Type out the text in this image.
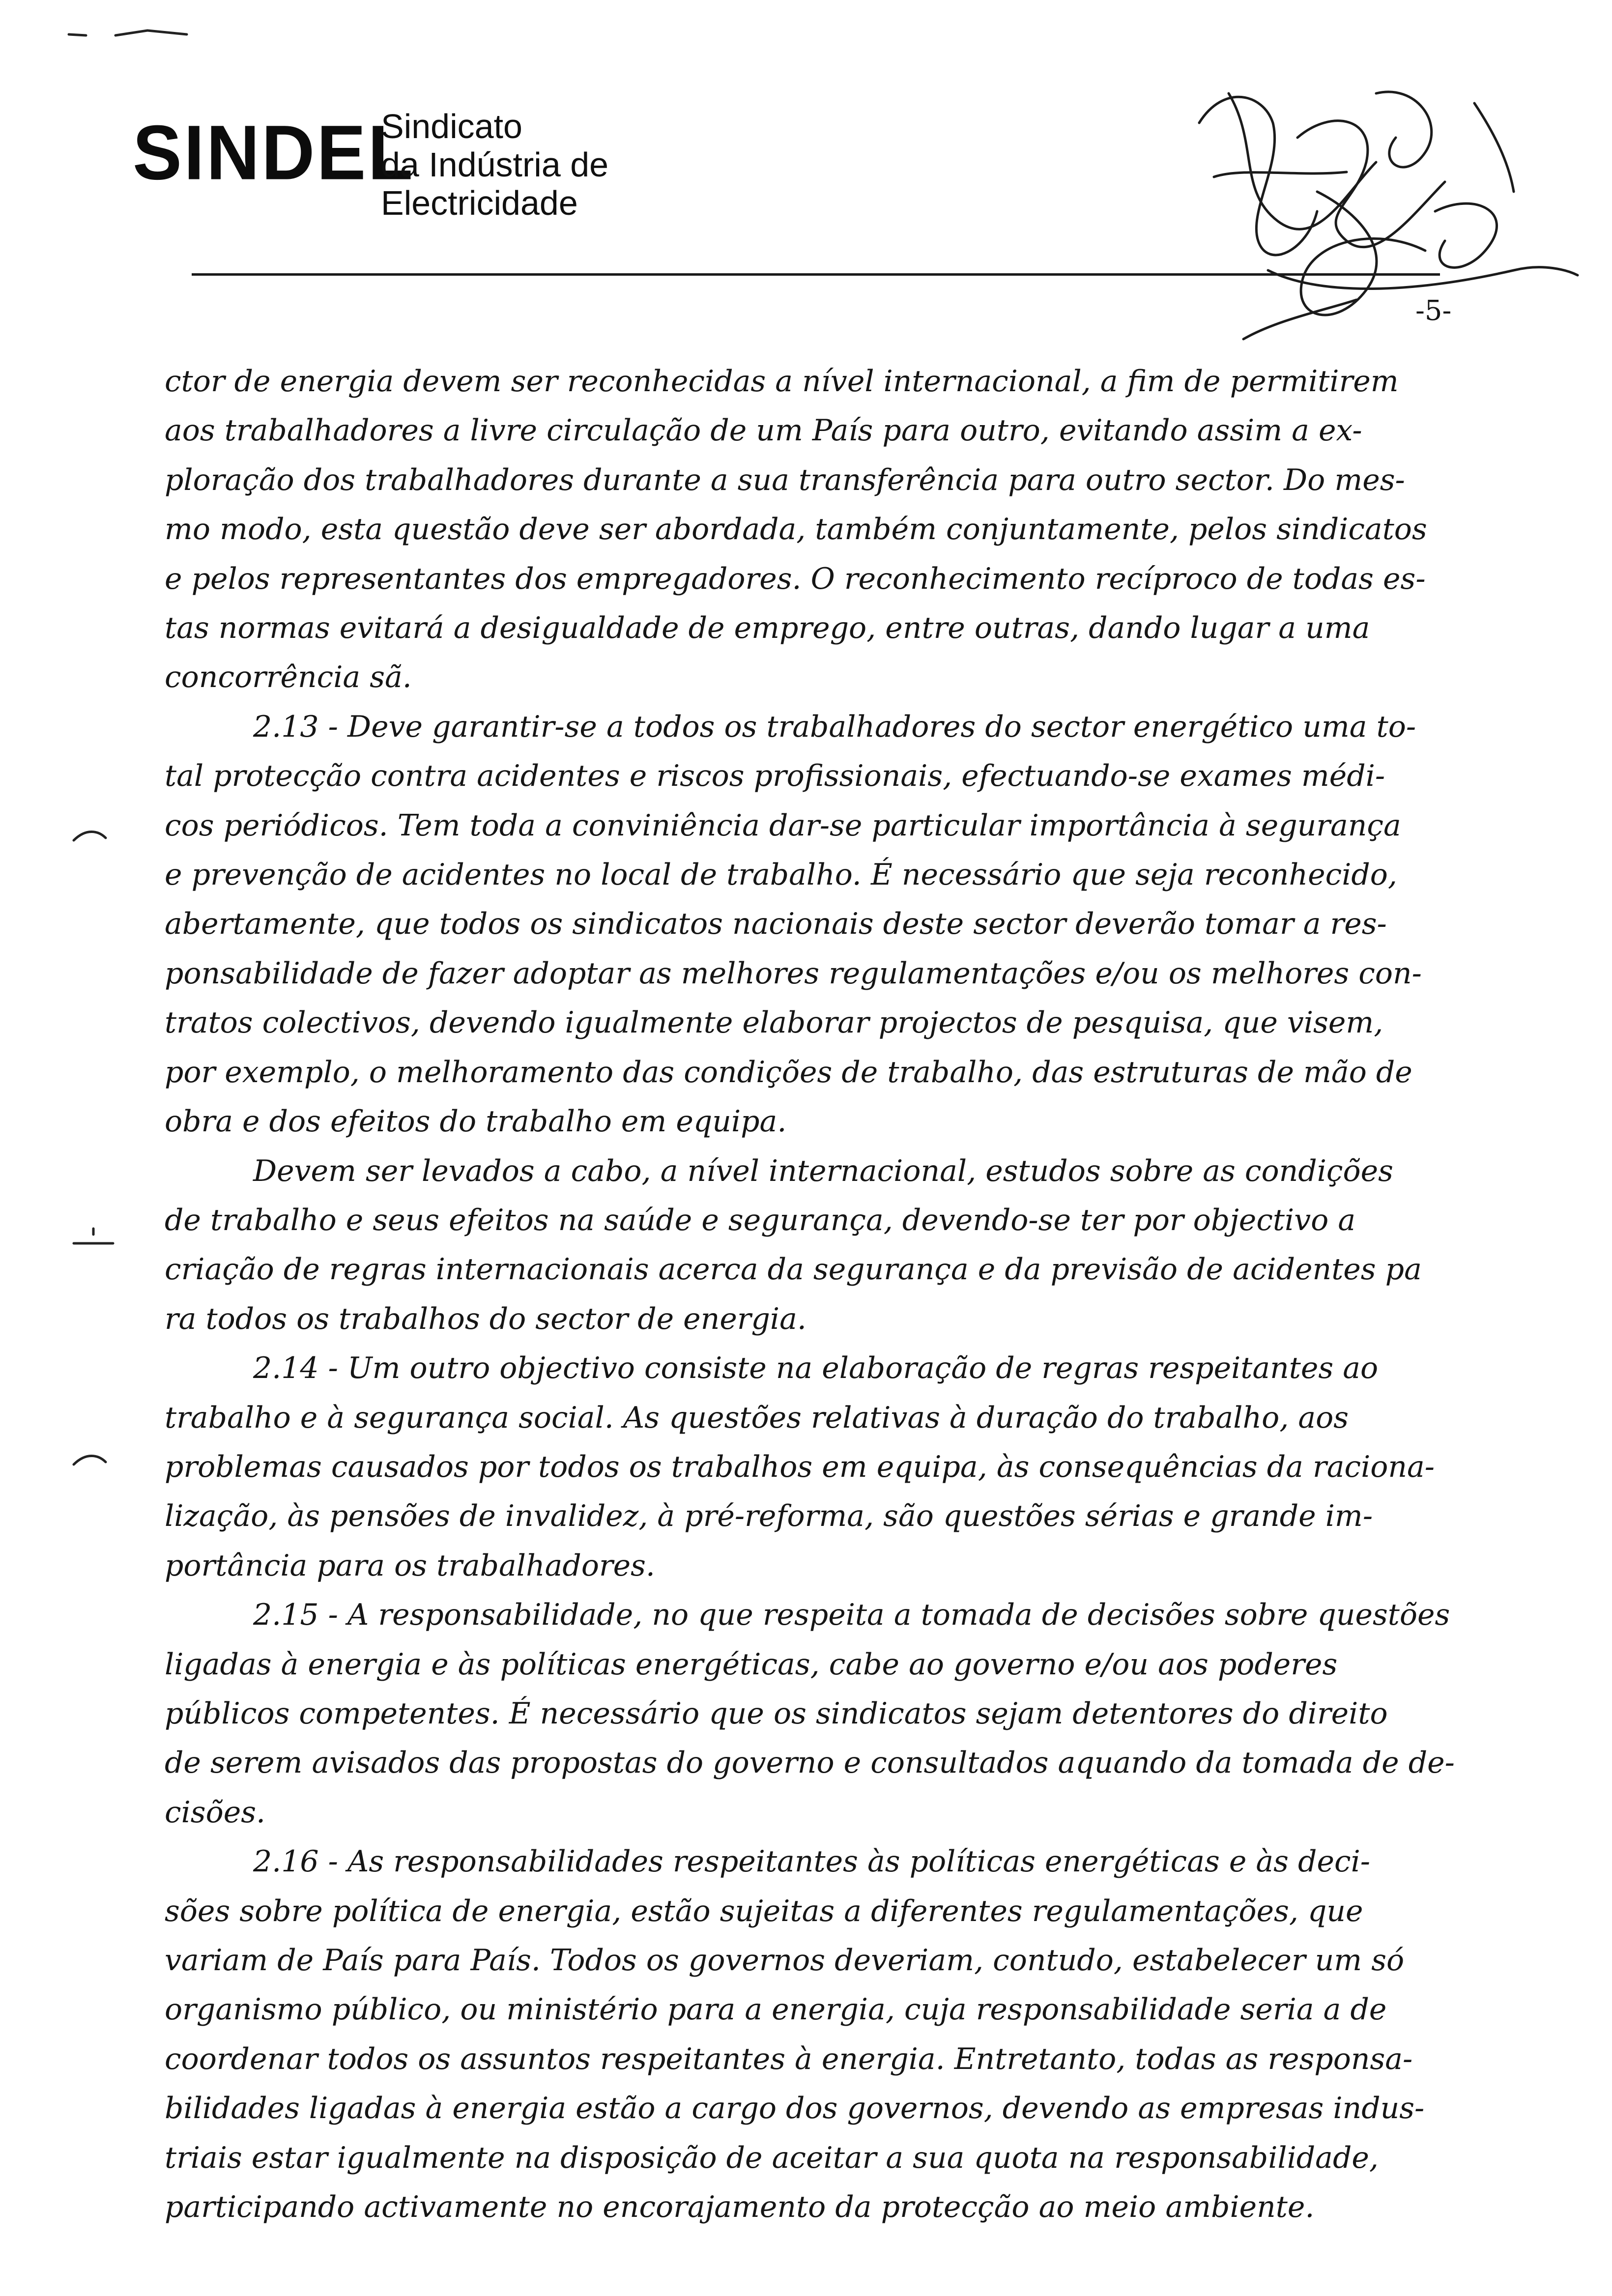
SINDEL
Sindicato
da Indústria de
Electricidade
-5-
ctor de energia devem ser reconhecidas a nível internacional, a fim de permitirem
aos trabalhadores a livre circulação de um País para outro, evitando assim a ex-
ploração dos trabalhadores durante a sua transferência para outro sector. Do mes-
mo modo, esta questão deve ser abordada, também conjuntamente, pelos sindicatos
e pelos representantes dos empregadores. O reconhecimento recíproco de todas es-
tas normas evitará a desigualdade de emprego, entre outras, dando lugar a uma
concorrência sã.
2.13 - Deve garantir-se a todos os trabalhadores do sector energético uma to-
tal protecção contra acidentes e riscos profissionais, efectuando-se exames médi-
cos periódicos. Tem toda a conviniência dar-se particular importância à segurança
e prevenção de acidentes no local de trabalho. É necessário que seja reconhecido,
abertamente, que todos os sindicatos nacionais deste sector deverão tomar a res-
ponsabilidade de fazer adoptar as melhores regulamentações e/ou os melhores con-
tratos colectivos, devendo igualmente elaborar projectos de pesquisa, que visem,
por exemplo, o melhoramento das condições de trabalho, das estruturas de mão de
obra e dos efeitos do trabalho em equipa.
Devem ser levados a cabo, a nível internacional, estudos sobre as condições
de trabalho e seus efeitos na saúde e segurança, devendo-se ter por objectivo a
criação de regras internacionais acerca da segurança e da previsão de acidentes pa
ra todos os trabalhos do sector de energia.
2.14 - Um outro objectivo consiste na elaboração de regras respeitantes ao
trabalho e à segurança social. As questões relativas à duração do trabalho, aos
problemas causados por todos os trabalhos em equipa, às consequências da raciona-
lização, às pensões de invalidez, à pré-reforma, são questões sérias e grande im-
portância para os trabalhadores.
2.15 - A responsabilidade, no que respeita a tomada de decisões sobre questões
ligadas à energia e às políticas energéticas, cabe ao governo e/ou aos poderes
públicos competentes. É necessário que os sindicatos sejam detentores do direito
de serem avisados das propostas do governo e consultados aquando da tomada de de-
cisões.
2.16 - As responsabilidades respeitantes às políticas energéticas e às deci-
sões sobre política de energia, estão sujeitas a diferentes regulamentações, que
variam de País para País. Todos os governos deveriam, contudo, estabelecer um só
organismo público, ou ministério para a energia, cuja responsabilidade seria a de
coordenar todos os assuntos respeitantes à energia. Entretanto, todas as responsa-
bilidades ligadas à energia estão a cargo dos governos, devendo as empresas indus-
triais estar igualmente na disposição de aceitar a sua quota na responsabilidade,
participando activamente no encorajamento da protecção ao meio ambiente.
